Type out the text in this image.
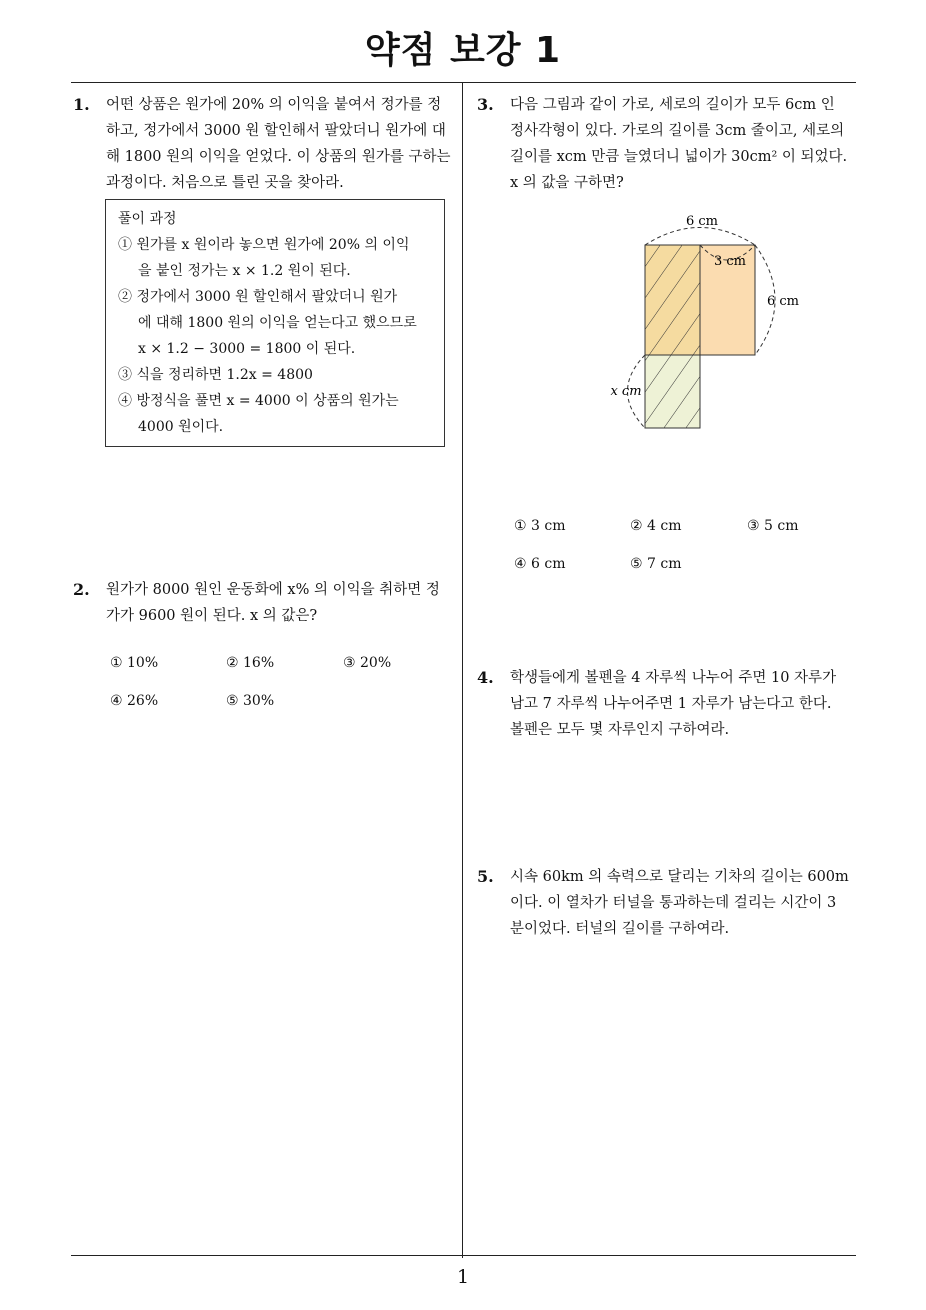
약점 보강 1
1
1. 어떤 상품은 원가에 20% 의 이익을 붙여서 정가를 정
하고, 정가에서 3000 원 할인해서 팔았더니 원가에 대
해 1800 원의 이익을 얻었다. 이 상품의 원가를 구하는
과정이다. 처음으로 틀린 곳을 찾아라.
풀이 과정
① 원가를 x 원이라 놓으면 원가에 20% 의 이익
을 붙인 정가는 x × 1.2 원이 된다.
② 정가에서 3000 원 할인해서 팔았더니 원가
에 대해 1800 원의 이익을 얻는다고 했으므로
x × 1.2 − 3000 = 1800 이 된다.
③ 식을 정리하면 1.2x = 4800
④ 방정식을 풀면 x = 4000 이 상품의 원가는
4000 원이다.
2. 원가가 8000 원인 운동화에 x% 의 이익을 취하면 정
가가 9600 원이 된다. x 의 값은?
① 10%	② 16%	③ 20%
④ 26%	⑤ 30%
3. 다음 그림과 같이 가로, 세로의 길이가 모두 6cm 인
정사각형이 있다. 가로의 길이를 3cm 줄이고, 세로의
길이를 xcm 만큼 늘였더니 넓이가 30cm² 이 되었다.
x 의 값을 구하면?
6 cm
3 cm
6 cm
x cm
① 3 cm	② 4 cm	③ 5 cm
④ 6 cm	⑤ 7 cm
4. 학생들에게 볼펜을 4 자루씩 나누어 주면 10 자루가
남고 7 자루씩 나누어주면 1 자루가 남는다고 한다.
볼펜은 모두 몇 자루인지 구하여라.
5. 시속 60km 의 속력으로 달리는 기차의 길이는 600m
이다. 이 열차가 터널을 통과하는데 걸리는 시간이 3
분이었다. 터널의 길이를 구하여라.
